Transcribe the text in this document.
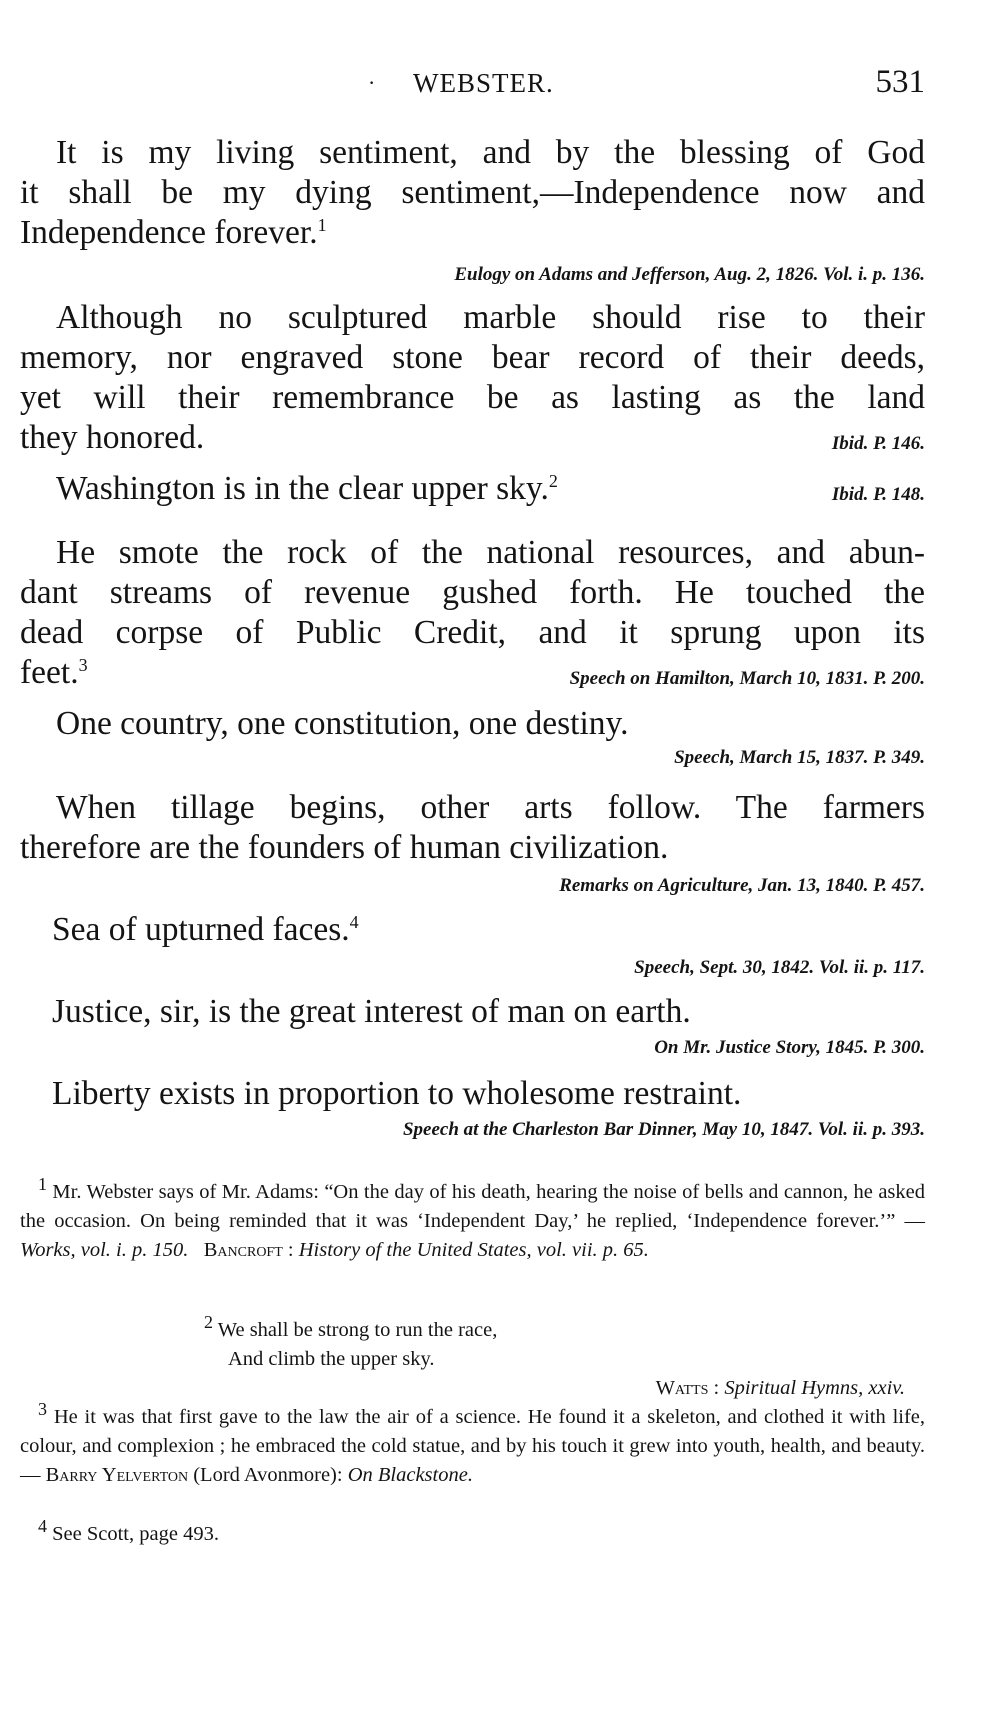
· WEBSTER.	531
It is my living sentiment, and by the blessing of God
it shall be my dying sentiment,—Independence now and
Independence forever.$^1$
Eulogy on Adams and Jefferson, Aug. 2, 1826. Vol. i. p. 136.
Although no sculptured marble should rise to their
memory, nor engraved stone bear record of their deeds,
yet will their remembrance be as lasting as the land
they honored.	Ibid. P. 146.
Washington is in the clear upper sky.$^2$
Ibid. P. 148.
He smote the rock of the national resources, and abun-
dant streams of revenue gushed forth. He touched the
dead corpse of Public Credit, and it sprung upon its
feet.$^3$
Speech on Hamilton, March 10, 1831. P. 200.
One country, one constitution, one destiny.
Speech, March 15, 1837. P. 349.
When tillage begins, other arts follow. The farmers
therefore are the founders of human civilization.
Remarks on Agriculture, Jan. 13, 1840. P. 457.
Sea of upturned faces.$^4$
Speech, Sept. 30, 1842. Vol. ii. p. 117.
Justice, sir, is the great interest of man on earth.
On Mr. Justice Story, 1845. P. 300.
Liberty exists in proportion to wholesome restraint.
Speech at the Charleston Bar Dinner, May 10, 1847. Vol. ii. p. 393.

$^1$ Mr. Webster says of Mr. Adams: “On the day of his death, hearing the noise of bells and cannon, he asked the occasion. On being reminded that it was ‘Independent Day,’ he replied, ‘Independence forever.’” — Works, vol. i. p. 150. Bancroft : History of the United States, vol. vii. p. 65.

$^2$ We shall be strong to run the race,

And climb the upper sky.

Watts : Spiritual Hymns, xxiv.

$^3$ He it was that first gave to the law the air of a science. He found it a skeleton, and clothed it with life, colour, and complexion ; he embraced the cold statue, and by his touch it grew into youth, health, and beauty. — Barry Yelverton (Lord Avonmore): On Blackstone.

$^4$ See Scott, page 493.
